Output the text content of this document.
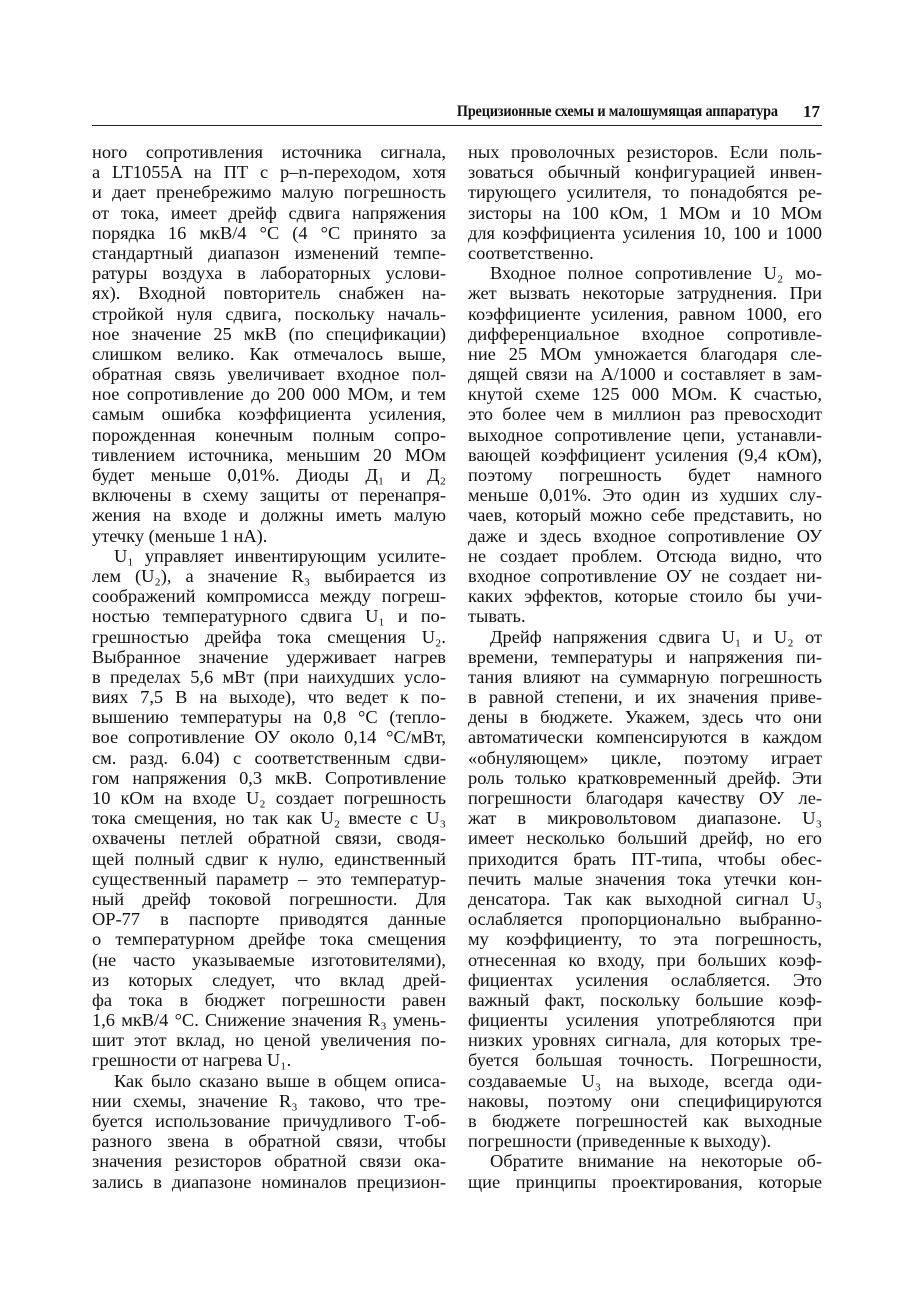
Прецизионные схемы и малошумящая аппаратура 17
ного сопротивления источника сигнала,
а LT1055A на ПТ с p–n-переходом, хотя
и дает пренебрежимо малую погрешность
от тока, имеет дрейф сдвига напряжения
порядка 16 мкВ/4 °С (4 °С принято за
стандартный диапазон изменений темпе-
ратуры воздуха в лабораторных услови-
ях). Входной повторитель снабжен на-
стройкой нуля сдвига, поскольку началь-
ное значение 25 мкВ (по спецификации)
слишком велико. Как отмечалось выше,
обратная связь увеличивает входное пол-
ное сопротивление до 200 000 МОм, и тем
самым ошибка коэффициента усиления,
порожденная конечным полным сопро-
тивлением источника, меньшим 20 МОм
будет меньше 0,01%. Диоды Д₁ и Д₂
включены в схему защиты от перенапря-
жения на входе и должны иметь малую
утечку (меньше 1 нА).
U₁ управляет инвентирующим усилите-
лем (U₂), а значение R₃ выбирается из
соображений компромисса между погреш-
ностью температурного сдвига U₁ и по-
грешностью дрейфа тока смещения U₂.
Выбранное значение удерживает нагрев
в пределах 5,6 мВт (при наихудших усло-
виях 7,5 В на выходе), что ведет к по-
вышению температуры на 0,8 °С (тепло-
вое сопротивление ОУ около 0,14 °С/мВт,
см. разд. 6.04) с соответственным сдви-
гом напряжения 0,3 мкВ. Сопротивление
10 кОм на входе U₂ создает погрешность
тока смещения, но так как U₂ вместе с U₃
охвачены петлей обратной связи, сводя-
щей полный сдвиг к нулю, единственный
существенный параметр – это температур-
ный дрейф токовой погрешности. Для
OP-77 в паспорте приводятся данные
о температурном дрейфе тока смещения
(не часто указываемые изготовителями),
из которых следует, что вклад дрей-
фа тока в бюджет погрешности равен
1,6 мкВ/4 °С. Снижение значения R₃ умень-
шит этот вклад, но ценой увеличения по-
грешности от нагрева U₁.
Как было сказано выше в общем описа-
нии схемы, значение R₃ таково, что тре-
буется использование причудливого Т-об-
разного звена в обратной связи, чтобы
значения резисторов обратной связи ока-
зались в диапазоне номиналов прецизион-
ных проволочных резисторов. Если поль-
зоваться обычный конфигурацией инвен-
тирующего усилителя, то понадобятся ре-
зисторы на 100 кОм, 1 МОм и 10 МОм
для коэффициента усиления 10, 100 и 1000
соответственно.
Входное полное сопротивление U₂ мо-
жет вызвать некоторые затруднения. При
коэффициенте усиления, равном 1000, его
дифференциальное входное сопротивле-
ние 25 МОм умножается благодаря сле-
дящей связи на A/1000 и составляет в зам-
кнутой схеме 125 000 МОм. К счастью,
это более чем в миллион раз превосходит
выходное сопротивление цепи, устанавли-
вающей коэффициент усиления (9,4 кОм),
поэтому погрешность будет намного
меньше 0,01%. Это один из худших слу-
чаев, который можно себе представить, но
даже и здесь входное сопротивление ОУ
не создает проблем. Отсюда видно, что
входное сопротивление ОУ не создает ни-
каких эффектов, которые стоило бы учи-
тывать.
Дрейф напряжения сдвига U₁ и U₂ от
времени, температуры и напряжения пи-
тания влияют на суммарную погрешность
в равной степени, и их значения приве-
дены в бюджете. Укажем, здесь что они
автоматически компенсируются в каждом
«обнуляющем» цикле, поэтому играет
роль только кратковременный дрейф. Эти
погрешности благодаря качеству ОУ ле-
жат в микровольтовом диапазоне. U₃
имеет несколько больший дрейф, но его
приходится брать ПТ-типа, чтобы обес-
печить малые значения тока утечки кон-
денсатора. Так как выходной сигнал U₃
ослабляется пропорционально выбранно-
му коэффициенту, то эта погрешность,
отнесенная ко входу, при больших коэф-
фициентах усиления ослабляется. Это
важный факт, поскольку большие коэф-
фициенты усиления употребляются при
низких уровнях сигнала, для которых тре-
буется большая точность. Погрешности,
создаваемые U₃ на выходе, всегда оди-
наковы, поэтому они специфицируются
в бюджете погрешностей как выходные
погрешности (приведенные к выходу).
Обратите внимание на некоторые об-
щие принципы проектирования, которые
